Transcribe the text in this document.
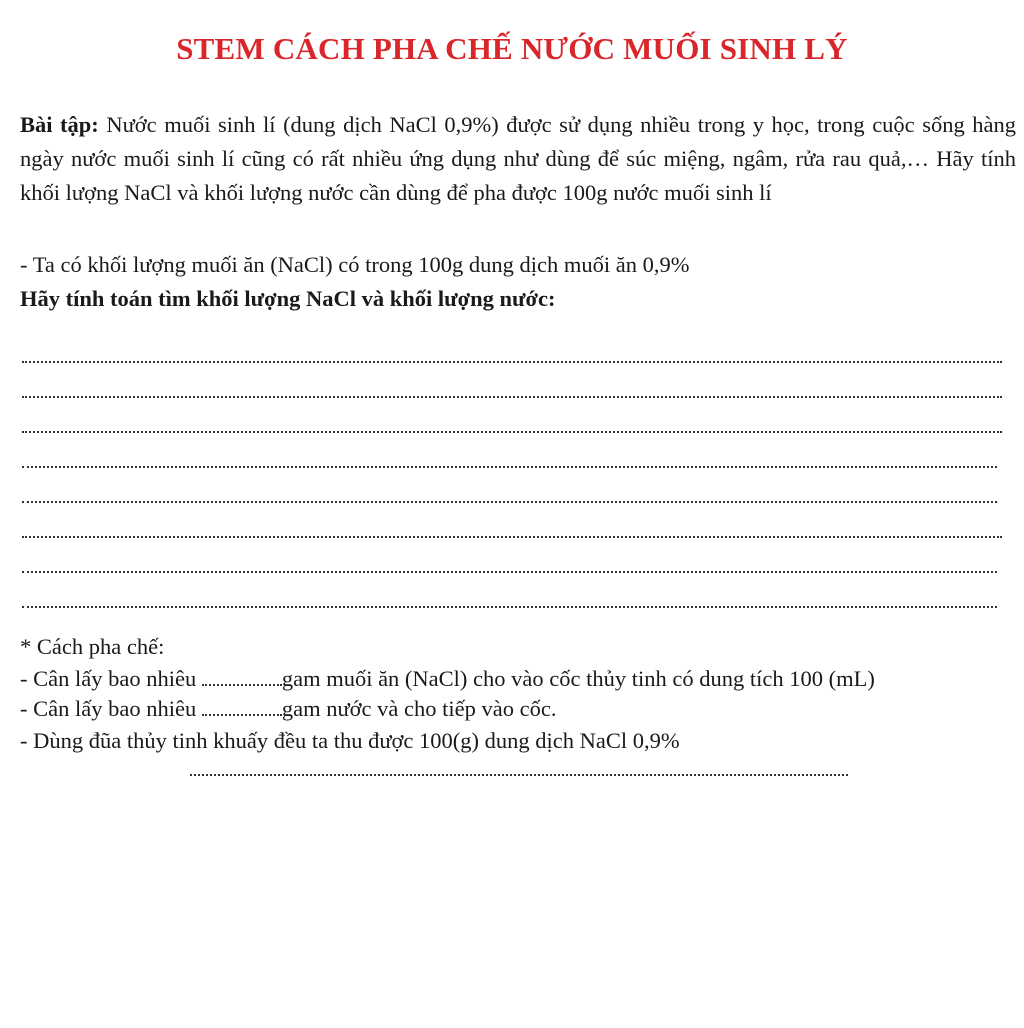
STEM CÁCH PHA CHẾ NƯỚC MUỐI SINH LÝ
Bài tập: Nước muối sinh lí (dung dịch NaCl 0,9%) được sử dụng nhiều trong y học, trong cuộc sống hàng ngày nước muối sinh lí cũng có rất nhiều ứng dụng như dùng để súc miệng, ngâm, rửa rau quả,… Hãy tính khối lượng NaCl và khối lượng nước cần dùng để pha được 100g nước muối sinh lí
- Ta có khối lượng muối ăn (NaCl) có trong 100g dung dịch muối ăn 0,9%
Hãy tính toán tìm khối lượng NaCl và khối lượng nước:
* Cách pha chế:
- Cân lấy bao nhiêu	gam muối ăn (NaCl) cho vào cốc thủy tinh có dung tích 100 (mL)
- Cân lấy bao nhiêu	gam nước và cho tiếp vào cốc.
- Dùng đũa thủy tinh khuấy đều ta thu được 100(g) dung dịch NaCl 0,9%
